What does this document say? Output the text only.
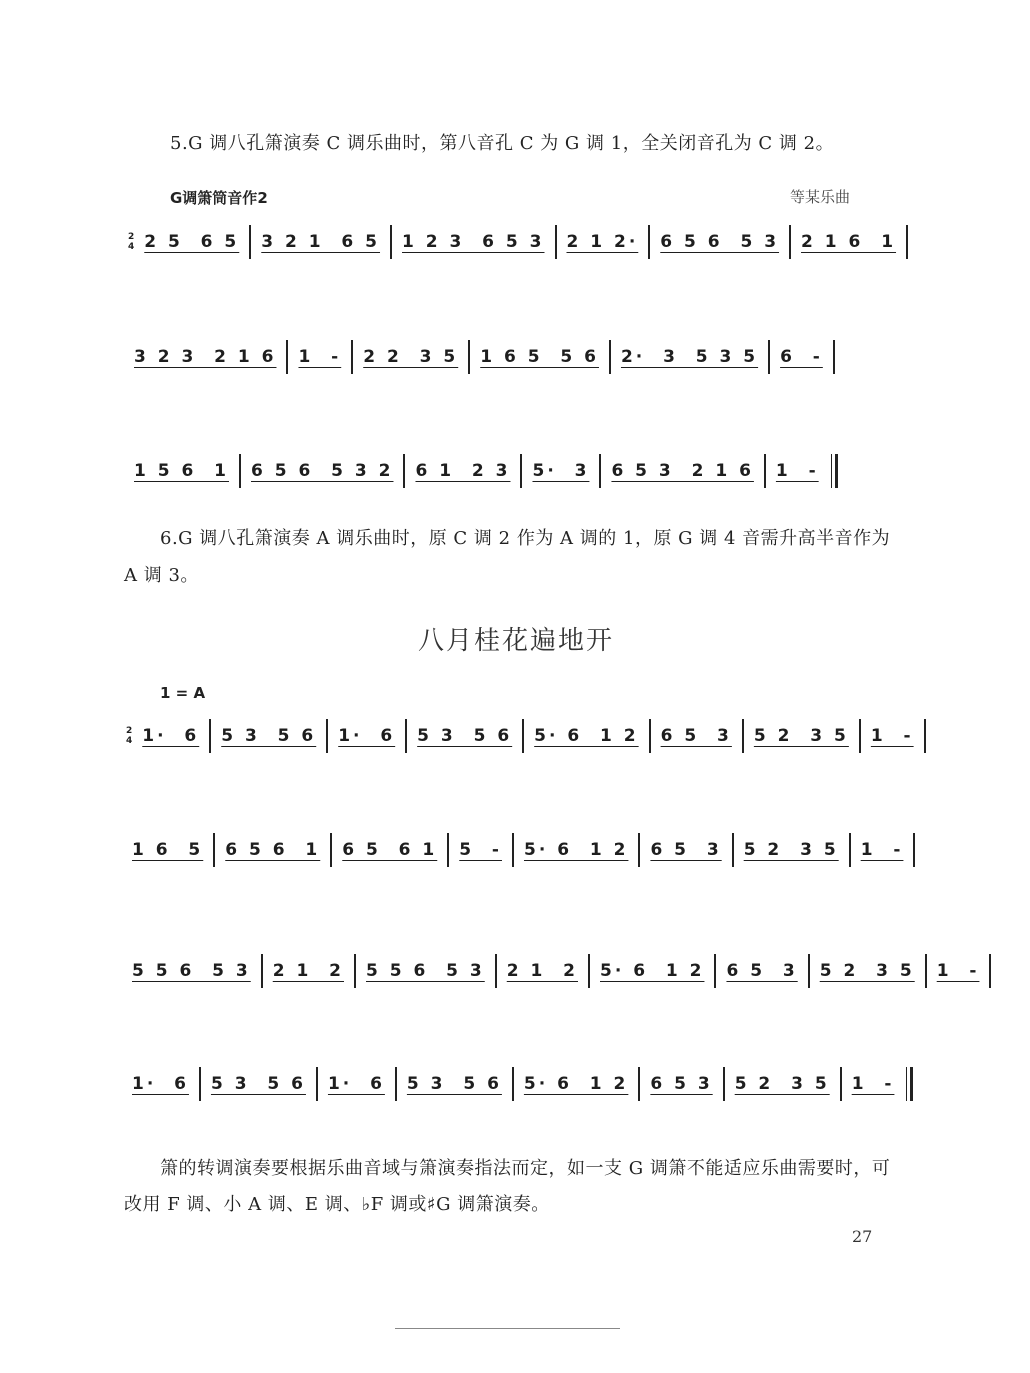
5.G 调八孔箫演奏 C 调乐曲时，第八音孔 C 为 G 调 1，全关闭音孔为 C 调 2。
G调箫筒音作2	等某乐曲
2
4 2 5  6 5	3 2 1  6 5	1 2 3  6 5 3	2 1 2·	6 5 6  5 3	2 1 6  1
3 2 3  2 1 6	1  -	2 2  3 5	1 6 5  5 6	2·  3  5 3 5	6  -
1 5 6  1	6 5 6  5 3 2	6 1  2 3	5·  3	6 5 3  2 1 6	1  -
6.G 调八孔箫演奏 A 调乐曲时，原 C 调 2 作为 A 调的 1，原 G 调 4 音需升高半音作为
A 调 3。
八月桂花遍地开
1 = A
2
4 1·  6	5 3  5 6	1·  6	5 3  5 6	5· 6  1 2	6 5  3	5 2  3 5	1  -
1 6  5	6 5 6  1	6 5  6 1	5  -	5· 6  1 2	6 5  3	5 2  3 5	1  -
5 5 6  5 3	2 1  2	5 5 6  5 3	2 1  2	5· 6  1 2	6 5  3	5 2  3 5	1  -
1·  6	5 3  5 6	1·  6	5 3  5 6	5· 6  1 2	6 5 3	5 2  3 5	1  -
箫的转调演奏要根据乐曲音域与箫演奏指法而定，如一支 G 调箫不能适应乐曲需要时，可
改用 F 调、小 A 调、E 调、♭F 调或♯G 调箫演奏。
27
